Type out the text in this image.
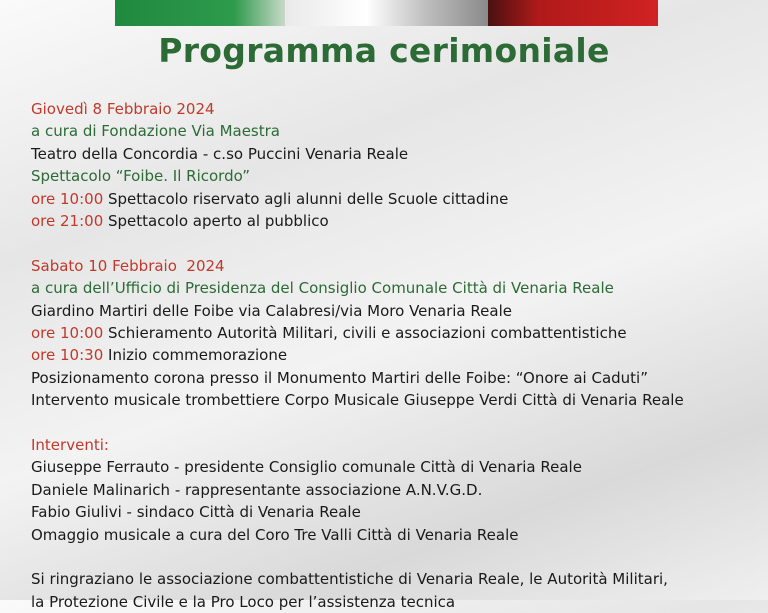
Programma cerimoniale
Giovedì 8 Febbraio 2024
a cura di Fondazione Via Maestra
Teatro della Concordia - c.so Puccini Venaria Reale
Spettacolo “Foibe. Il Ricordo”
ore 10:00 Spettacolo riservato agli alunni delle Scuole cittadine
ore 21:00 Spettacolo aperto al pubblico
Sabato 10 Febbraio  2024
a cura dell’Ufficio di Presidenza del Consiglio Comunale Città di Venaria Reale
Giardino Martiri delle Foibe via Calabresi/via Moro Venaria Reale
ore 10:00 Schieramento Autorità Militari, civili e associazioni combattentistiche
ore 10:30 Inizio commemorazione
Posizionamento corona presso il Monumento Martiri delle Foibe: “Onore ai Caduti”
Intervento musicale trombettiere Corpo Musicale Giuseppe Verdi Città di Venaria Reale
Interventi:
Giuseppe Ferrauto - presidente Consiglio comunale Città di Venaria Reale
Daniele Malinarich - rappresentante associazione A.N.V.G.D.
Fabio Giulivi - sindaco Città di Venaria Reale
Omaggio musicale a cura del Coro Tre Valli Città di Venaria Reale
Si ringraziano le associazione combattentistiche di Venaria Reale, le Autorità Militari,
la Protezione Civile e la Pro Loco per l’assistenza tecnica
